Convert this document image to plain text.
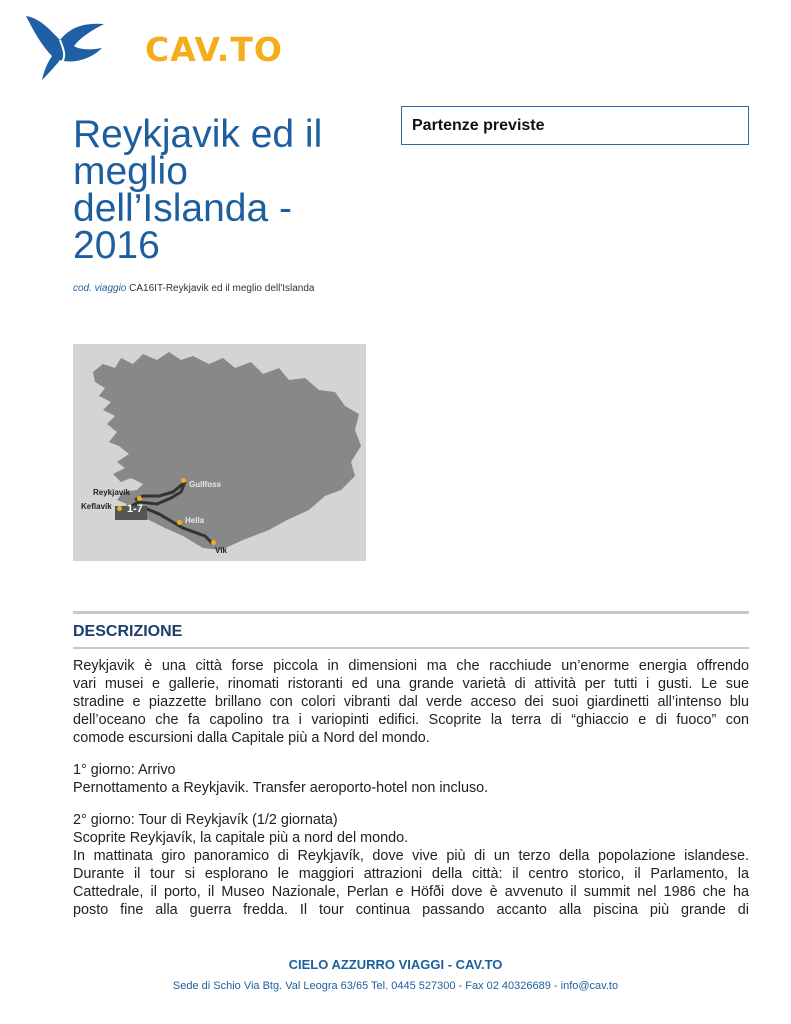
CAV.TO
Partenze previste
Reykjavik ed il
meglio
dell’Islanda -
2016
cod. viaggio CA16IT-Reykjavik ed il meglio dell'Islanda
Reykjavík
Keflavík
Gullfoss
Hella
Vík
1-7
DESCRIZIONE
Reykjavik è una città forse piccola in dimensioni ma che racchiude un’enorme energia offrendo
vari musei e gallerie, rinomati ristoranti ed una grande varietà di attività per tutti i gusti. Le sue
stradine e piazzette brillano con colori vibranti dal verde acceso dei suoi giardinetti all’intenso blu
dell’oceano che fa capolino tra i variopinti edifici. Scoprite la terra di “ghiaccio e di fuoco” con
comode escursioni dalla Capitale più a Nord del mondo.
1° giorno: Arrivo
Pernottamento a Reykjavik. Transfer aeroporto-hotel non incluso.
2° giorno: Tour di Reykjavík (1/2 giornata)
Scoprite Reykjavík, la capitale più a nord del mondo.
In mattinata giro panoramico di Reykjavík, dove vive più di un terzo della popolazione islandese.
Durante il tour si esplorano le maggiori attrazioni della città: il centro storico, il Parlamento, la
Cattedrale, il porto, il Museo Nazionale, Perlan e Höfði dove è avvenuto il summit nel 1986 che ha
posto fine alla guerra fredda. Il tour continua passando accanto alla piscina più grande di
CIELO AZZURRO VIAGGI - CAV.TO
Sede di Schio Via Btg. Val Leogra 63/65 Tel. 0445 527300 - Fax 02 40326689 - info@cav.to
